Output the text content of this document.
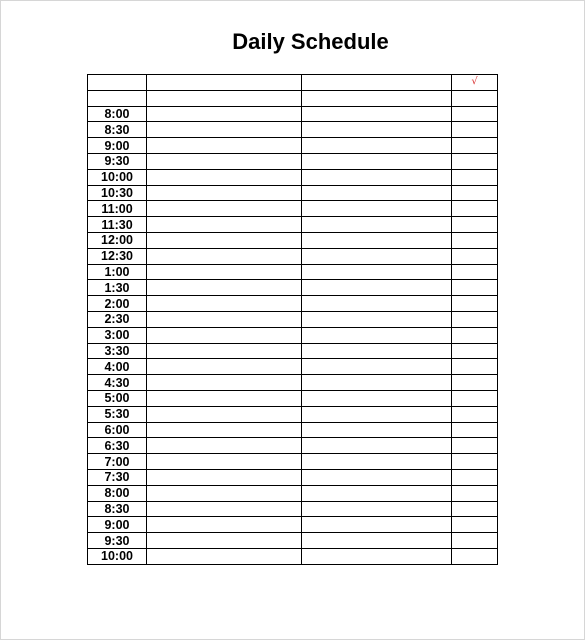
Daily Schedule
			√

8:00			
8:30			
9:00			
9:30			
10:00			
10:30			
11:00			
11:30			
12:00			
12:30			
1:00			
1:30			
2:00			
2:30			
3:00			
3:30			
4:00			
4:30			
5:00			
5:30			
6:00			
6:30			
7:00			
7:30			
8:00			
8:30			
9:00			
9:30			
10:00			
